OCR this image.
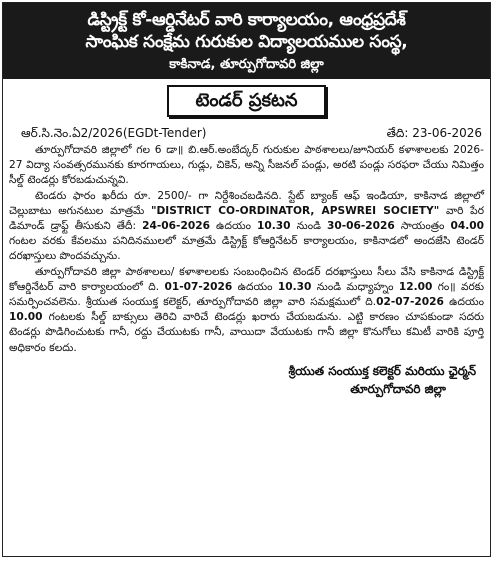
డిస్ట్రిక్ట్ కో-ఆర్డినేటర్ వారి కార్యాలయం, ఆంధ్రప్రదేశ్
సాంఘిక సంక్షేమ గురుకుల విద్యాలయముల సంస్థ,
కాకినాడ, తూర్పుగోదావరి జిల్లా
టెండర్ ప్రకటన
ఆర్.సి.నెం.ఏ2/2026(EGDt-Tender)	తేది: 23-06-2026

తూర్పుగోదావరి జిల్లాలో గల 6 డా॥ బి.ఆర్.అంబేద్కర్ గురుకుల పాఠశాలలు/జూనియర్ కళాశాలలకు 2026-27 విద్యా సంవత్సరమునకు కూరగాయలు, గుడ్లు, చికెన్, అన్ని సీజనల్ పండ్లు, అరటి పండ్లు సరఫరా చేయు నిమిత్తం సీల్డ్ టెండర్లు కోరబడుచున్నవి.

టెండరు ఫారం ఖరీదు రూ. 2500/- గా నిర్దేశించబడినది. స్టేట్ బ్యాంక్ ఆఫ్ ఇండియా, కాకినాడ జిల్లాలో చెల్లుబాటు అగునటుల మాత్రమే "DISTRICT CO-ORDINATOR, APSWREI SOCIETY" వారి పేర డిమాండ్ డ్రాఫ్ట్ తీసుకుని తేదీ: 24-06-2026 ఉదయం 10.30 నుండి 30-06-2026 సాయంత్రం 04.00 గంటల వరకు కేవలము పనిదినములలో మాత్రమే డిస్ట్రిక్ట్ కోఆర్డినేటర్ కార్యాలయం, కాకినాడలో అందజేసి టెండర్ దరఖాస్తులు పొందవచ్చును.

తూర్పుగోదావరి జిల్లా పాఠశాలలు/ కళాశాలలకు సంబంధించిన టెండర్ దరఖాస్తులు సీలు వేసి కాకినాడ డిస్ట్రిక్ట్ కోఆర్డినేటర్ వారి కార్యాలయంలో ది. 01-07-2026 ఉదయం 10.30 నుండి మధ్యాహ్నం 12.00 గం॥ వరకు సమర్పించవలెను. శ్రీయుత సంయుక్త కలెక్టర్, తూర్పుగోదావరి జిల్లా వారి సమక్షములో ది.02-07-2026 ఉదయం 10.00 గంటలకు సీల్డ్ బాక్సులు తెరిచి వారిచే టెండర్లు ఖరారు చేయబడును. ఎట్టి కారణం చూపకుండా సదరు టెండర్లు పొడిగించుటకు గానీ, రద్దు చేయుటకు గానీ, వాయిదా వేయుటకు గానీ జిల్లా కొనుగోలు కమిటీ వారికి పూర్తి అధికారం కలదు.

శ్రీయుత సంయుక్త కలెక్టర్ మరియు ఛైర్మన్
తూర్పుగోదావరి జిల్లా
